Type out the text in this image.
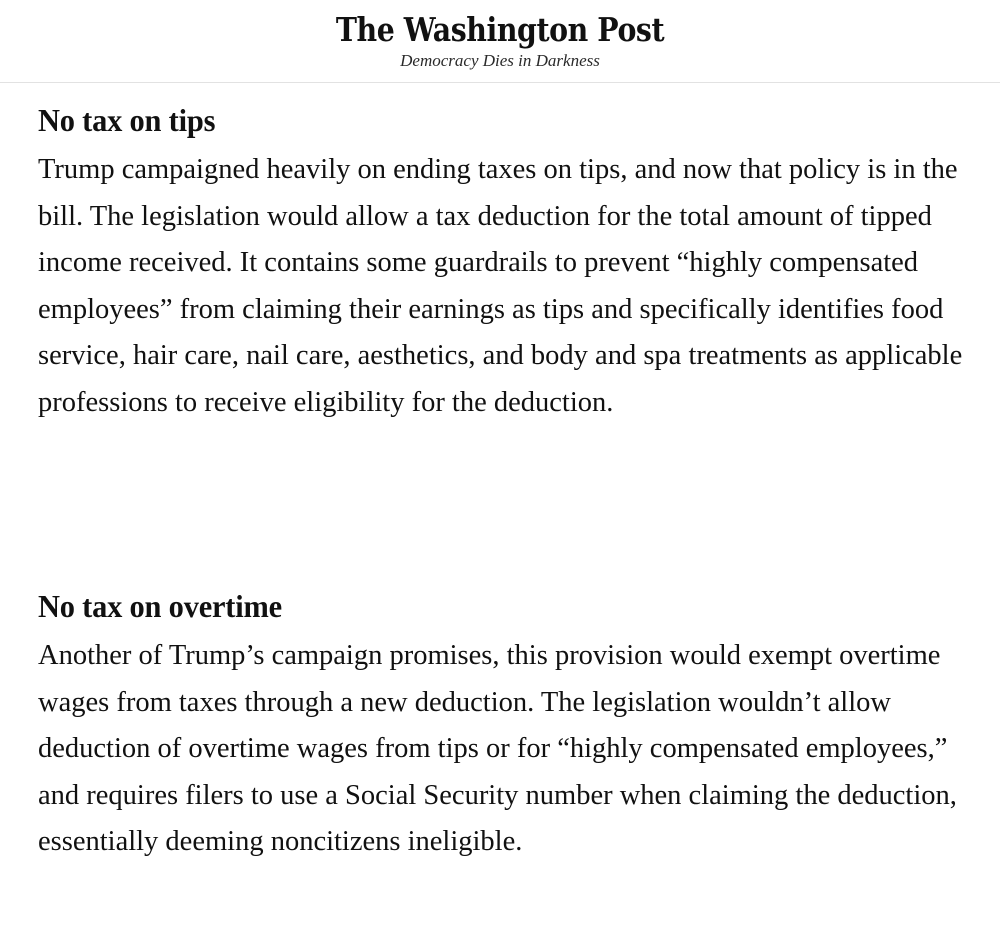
The Washington Post
Democracy Dies in Darkness
No tax on tips

Trump campaigned heavily on ending taxes on tips, and now that policy is in the bill. The legislation would allow a tax deduction for the total amount of tipped income received. It contains some guardrails to prevent “highly compensated employees” from claiming their earnings as tips and specifically identifies food service, hair care, nail care, aesthetics, and body and spa treatments as applicable professions to receive eligibility for the deduction.

No tax on overtime

Another of Trump’s campaign promises, this provision would exempt overtime wages from taxes through a new deduction. The legislation wouldn’t allow deduction of overtime wages from tips or for “highly compensated employees,” and requires filers to use a Social Security number when claiming the deduction, essentially deeming noncitizens ineligible.
